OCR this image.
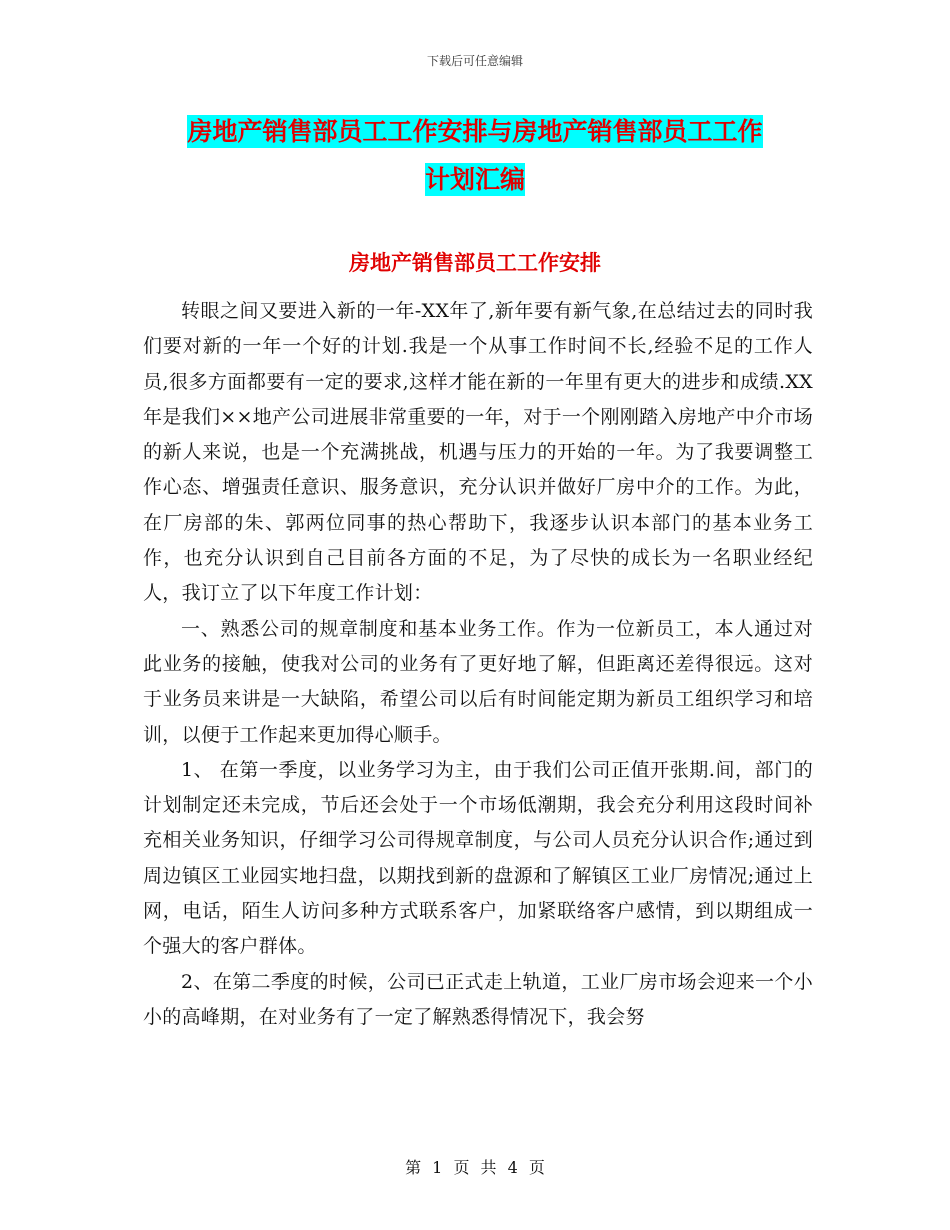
下载后可任意编辑
房地产销售部员工工作安排与房地产销售部员工工作
计划汇编
房地产销售部员工工作安排

转眼之间又要进入新的一年-XX年了,新年要有新气象,在总结过去的同时我们要对新的一年一个好的计划.我是一个从事工作时间不长,经验不足的工作人员,很多方面都要有一定的要求,这样才能在新的一年里有更大的进步和成绩.XX年是我们××地产公司进展非常重要的一年，对于一个刚刚踏入房地产中介市场的新人来说，也是一个充满挑战，机遇与压力的开始的一年。为了我要调整工作心态、增强责任意识、服务意识，充分认识并做好厂房中介的工作。为此，在厂房部的朱、郭两位同事的热心帮助下，我逐步认识本部门的基本业务工作，也充分认识到自己目前各方面的不足，为了尽快的成长为一名职业经纪人，我订立了以下年度工作计划：

一、熟悉公司的规章制度和基本业务工作。作为一位新员工，本人通过对此业务的接触，使我对公司的业务有了更好地了解，但距离还差得很远。这对于业务员来讲是一大缺陷，希望公司以后有时间能定期为新员工组织学习和培训，以便于工作起来更加得心顺手。

1、 在第一季度，以业务学习为主，由于我们公司正值开张期.间，部门的计划制定还未完成，节后还会处于一个市场低潮期，我会充分利用这段时间补充相关业务知识，仔细学习公司得规章制度，与公司人员充分认识合作;通过到周边镇区工业园实地扫盘，以期找到新的盘源和了解镇区工业厂房情况;通过上网，电话，陌生人访问多种方式联系客户，加紧联络客户感情，到以期组成一个强大的客户群体。

2、在第二季度的时候，公司已正式走上轨道，工业厂房市场会迎来一个小小的高峰期，在对业务有了一定了解熟悉得情况下，我会努

第 1 页 共 4 页
